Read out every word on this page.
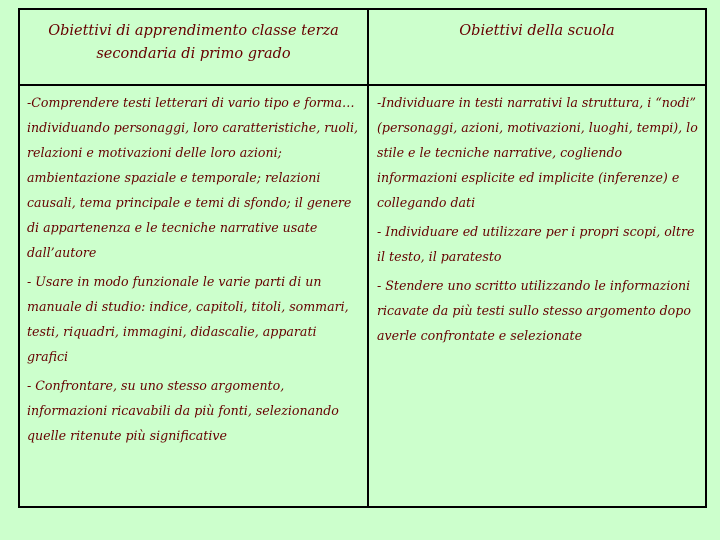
Obiettivi di apprendimento classe terza secondaria di primo grado
Obiettivi della scuola

-Comprendere testi letterari di vario tipo e forma… individuando personaggi, loro caratteristiche, ruoli, relazioni e motivazioni delle loro azioni; ambientazione spaziale e temporale; relazioni causali, tema principale e temi di sfondo; il genere di appartenenza e le tecniche narrative usate dall’autore

- Usare in modo funzionale le varie parti di un manuale di studio: indice, capitoli, titoli, sommari, testi, riquadri, immagini, didascalie, apparati grafici

- Confrontare, su uno stesso argomento, informazioni ricavabili da più fonti, selezionando quelle ritenute più significative

-Individuare in testi narrativi la struttura, i “nodi” (personaggi, azioni, motivazioni, luoghi, tempi), lo stile e le tecniche narrative, cogliendo informazioni esplicite ed implicite (inferenze) e collegando dati

- Individuare ed utilizzare per i propri scopi, oltre il testo, il paratesto

- Stendere uno scritto utilizzando le informazioni ricavate da più testi sullo stesso argomento dopo averle confrontate e selezionate
